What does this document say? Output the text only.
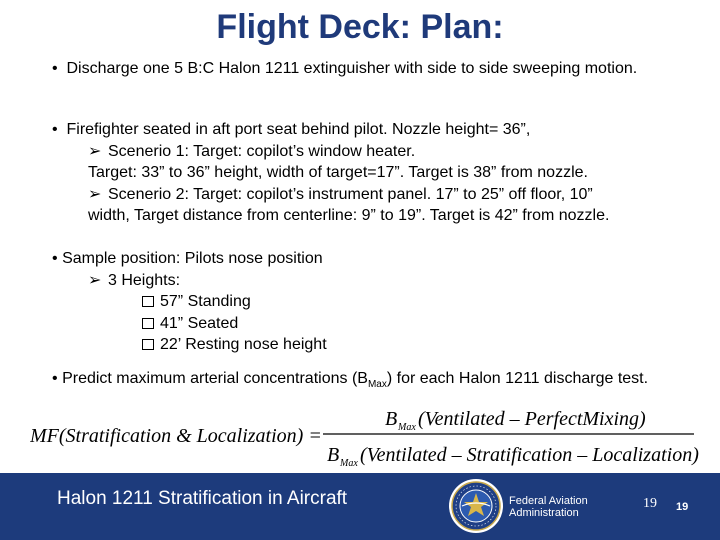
Flight Deck: Plan:
• Discharge one 5 B:C Halon 1211 extinguisher with side to side sweeping motion.
• Firefighter seated in aft port seat behind pilot. Nozzle height= 36”,
➢ Scenerio 1: Target: copilot’s window heater.
Target: 33” to 36” height, width of target=17”. Target is 38” from nozzle.
➢ Scenerio 2: Target: copilot’s instrument panel. 17” to 25” off floor, 10”
width, Target distance from centerline: 9” to 19”. Target is 42” from nozzle.
• Sample position: Pilots nose position
➢ 3 Heights:
57” Standing
41” Seated
22’ Resting nose height
• Predict maximum arterial concentrations $(B_{Max})$ for each Halon 1211 discharge test.
MF(Stratification & Localization) =
B Max (Ventilated – PerfectMixing)
B Max (Ventilated – Stratification – Localization)
Halon 1211 Stratification in Aircraft	Federal Aviation
Administration
19 19
